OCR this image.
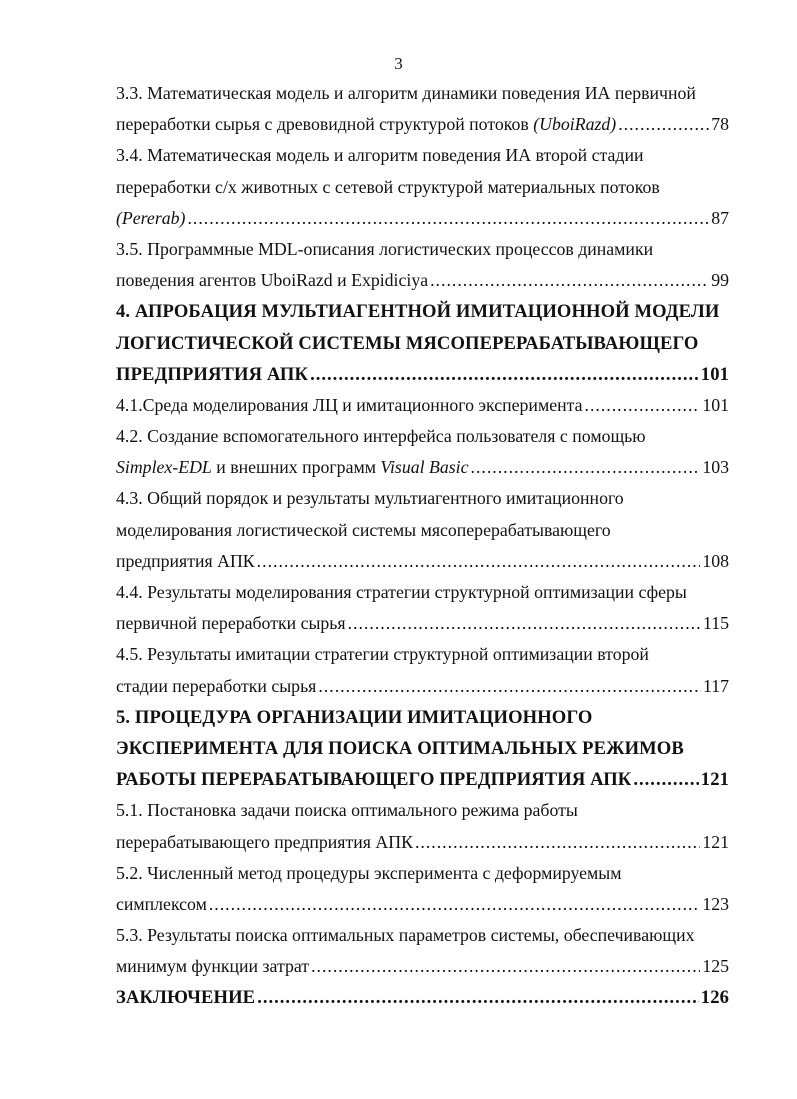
3
3.3. Математическая модель и алгоритм динамики поведения ИА первичной
переработки сырья с древовидной структурой потоков
(UboiRazd) .....	78
3.4. Математическая модель и алгоритм поведения ИА второй стадии
переработки с/х животных с сетевой структурой материальных потоков
(Pererab) .....	87
3.5. Программные MDL-описания логистических процессов динамики
поведения агентов UboiRazd и Expidiciya .....	99
4. АПРОБАЦИЯ МУЛЬТИАГЕНТНОЙ ИМИТАЦИОННОЙ МОДЕЛИ
ЛОГИСТИЧЕСКОЙ СИСТЕМЫ МЯСОПЕРЕРАБАТЫВАЮЩЕГО
ПРЕДПРИЯТИЯ АПК .....	101
4.1.Среда моделирования ЛЦ и имитационного эксперимента .....	101
4.2. Создание вспомогательного интерфейса пользователя с помощью
Simplex-EDL
и внешних программ
Visual Basic .....	103
4.3. Общий порядок и результаты мультиагентного имитационного
моделирования логистической системы мясоперерабатывающего
предприятия АПК .....	108
4.4. Результаты моделирования стратегии структурной оптимизации сферы
первичной переработки сырья .....	115
4.5. Результаты имитации стратегии структурной оптимизации второй
стадии переработки сырья .....	117
5. ПРОЦЕДУРА ОРГАНИЗАЦИИ ИМИТАЦИОННОГО
ЭКСПЕРИМЕНТА ДЛЯ ПОИСКА ОПТИМАЛЬНЫХ РЕЖИМОВ
РАБОТЫ ПЕРЕРАБАТЫВАЮЩЕГО ПРЕДПРИЯТИЯ АПК .....	121
5.1. Постановка задачи поиска оптимального режима работы
перерабатывающего предприятия АПК .....	121
5.2. Численный метод процедуры эксперимента с деформируемым
симплексом .....	123
5.3. Результаты поиска оптимальных параметров системы, обеспечивающих
минимум функции затрат .....	125
ЗАКЛЮЧЕНИЕ .....	126
